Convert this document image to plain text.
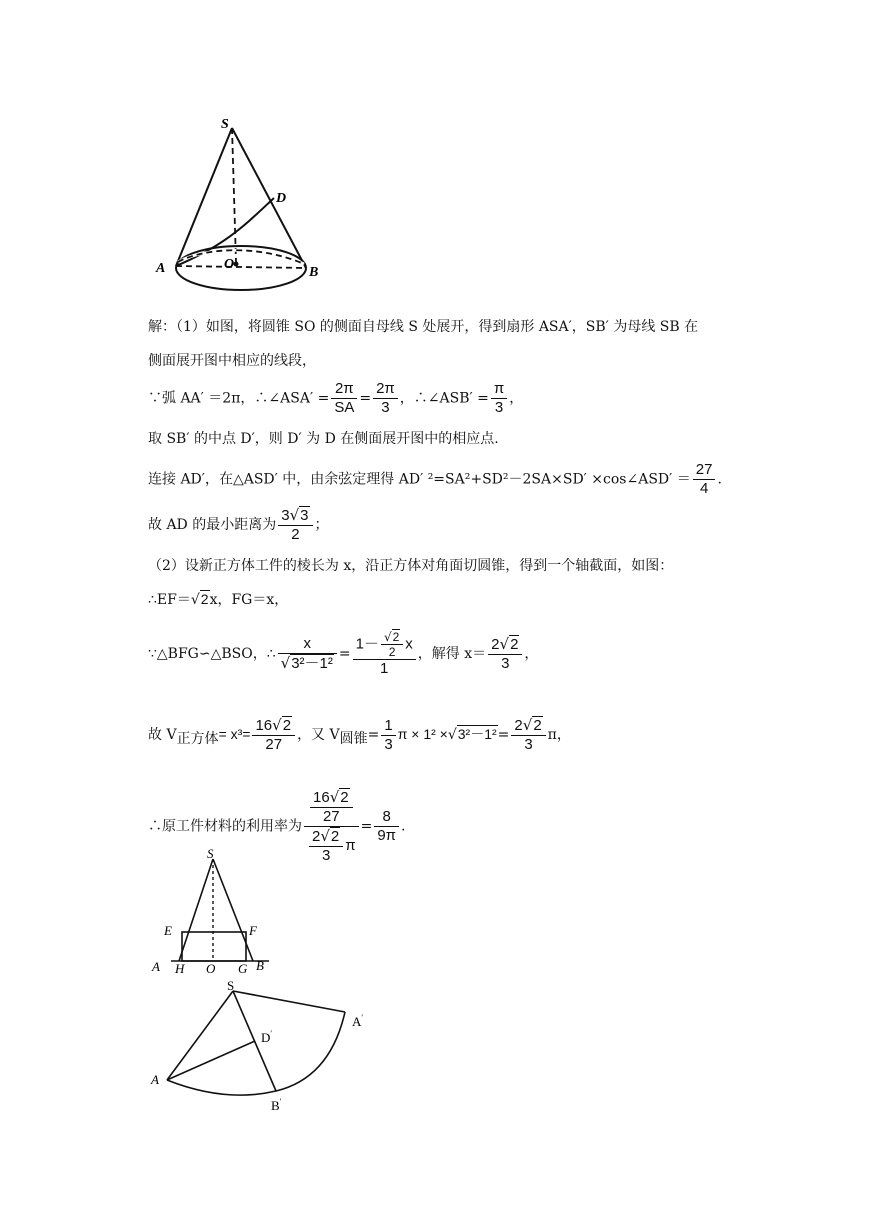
S
D
A	O
B
解：（1）如图，将圆锥 SO 的侧面自母线 S 处展开，得到扇形 ASA′，SB′ 为母线 SB 在
侧面展开图中相应的线段，
∵弧 AA′ ＝2π，∴∠ASA′ = $\frac{2\pi}{SA} = \frac{2\pi}{3}$ ，∴∠ASB′ = $\frac{\pi}{3}$ ，
取 SB′ 的中点 D′，则 D′ 为 D 在侧面展开图中的相应点.
连接 AD′，在△ASD′ 中，由余弦定理得 AD′ ²=SA²+SD²－2SA×SD′ ×cos∠ASD′ ＝ $\frac{27}{4}$ .
故 AD 的最小距离为 $\frac{3√3}{2}$ ；
（2）设新正方体工件的棱长为 x，沿正方体对角面切圆锥，得到一个轴截面，如图：
∴EF＝√2x，FG＝x，
∵△BFG∽△BSO，∴ $\frac{x}{\text{√3²－1²}} = \frac{1- \frac{√2}{2} x}{1}$ ，解得 $x= \frac{2√2}{3}$ ，
故 $V_{正方体}= x^3= \frac{16√2}{27}$ ，又 $V_{圆锥}= \frac{1}{3}$ $\pi \times 1^2 \times√3^2-1^2= \frac{2√2}{3}$ π，
∴原工件材料的利用率为 $\frac{\frac{16√2}{27}}{\frac{2√2}{3} \pi} = \frac{8}{9\pi}$ .
S
E	F
A H O G B
S
A′
D′
A
B′
